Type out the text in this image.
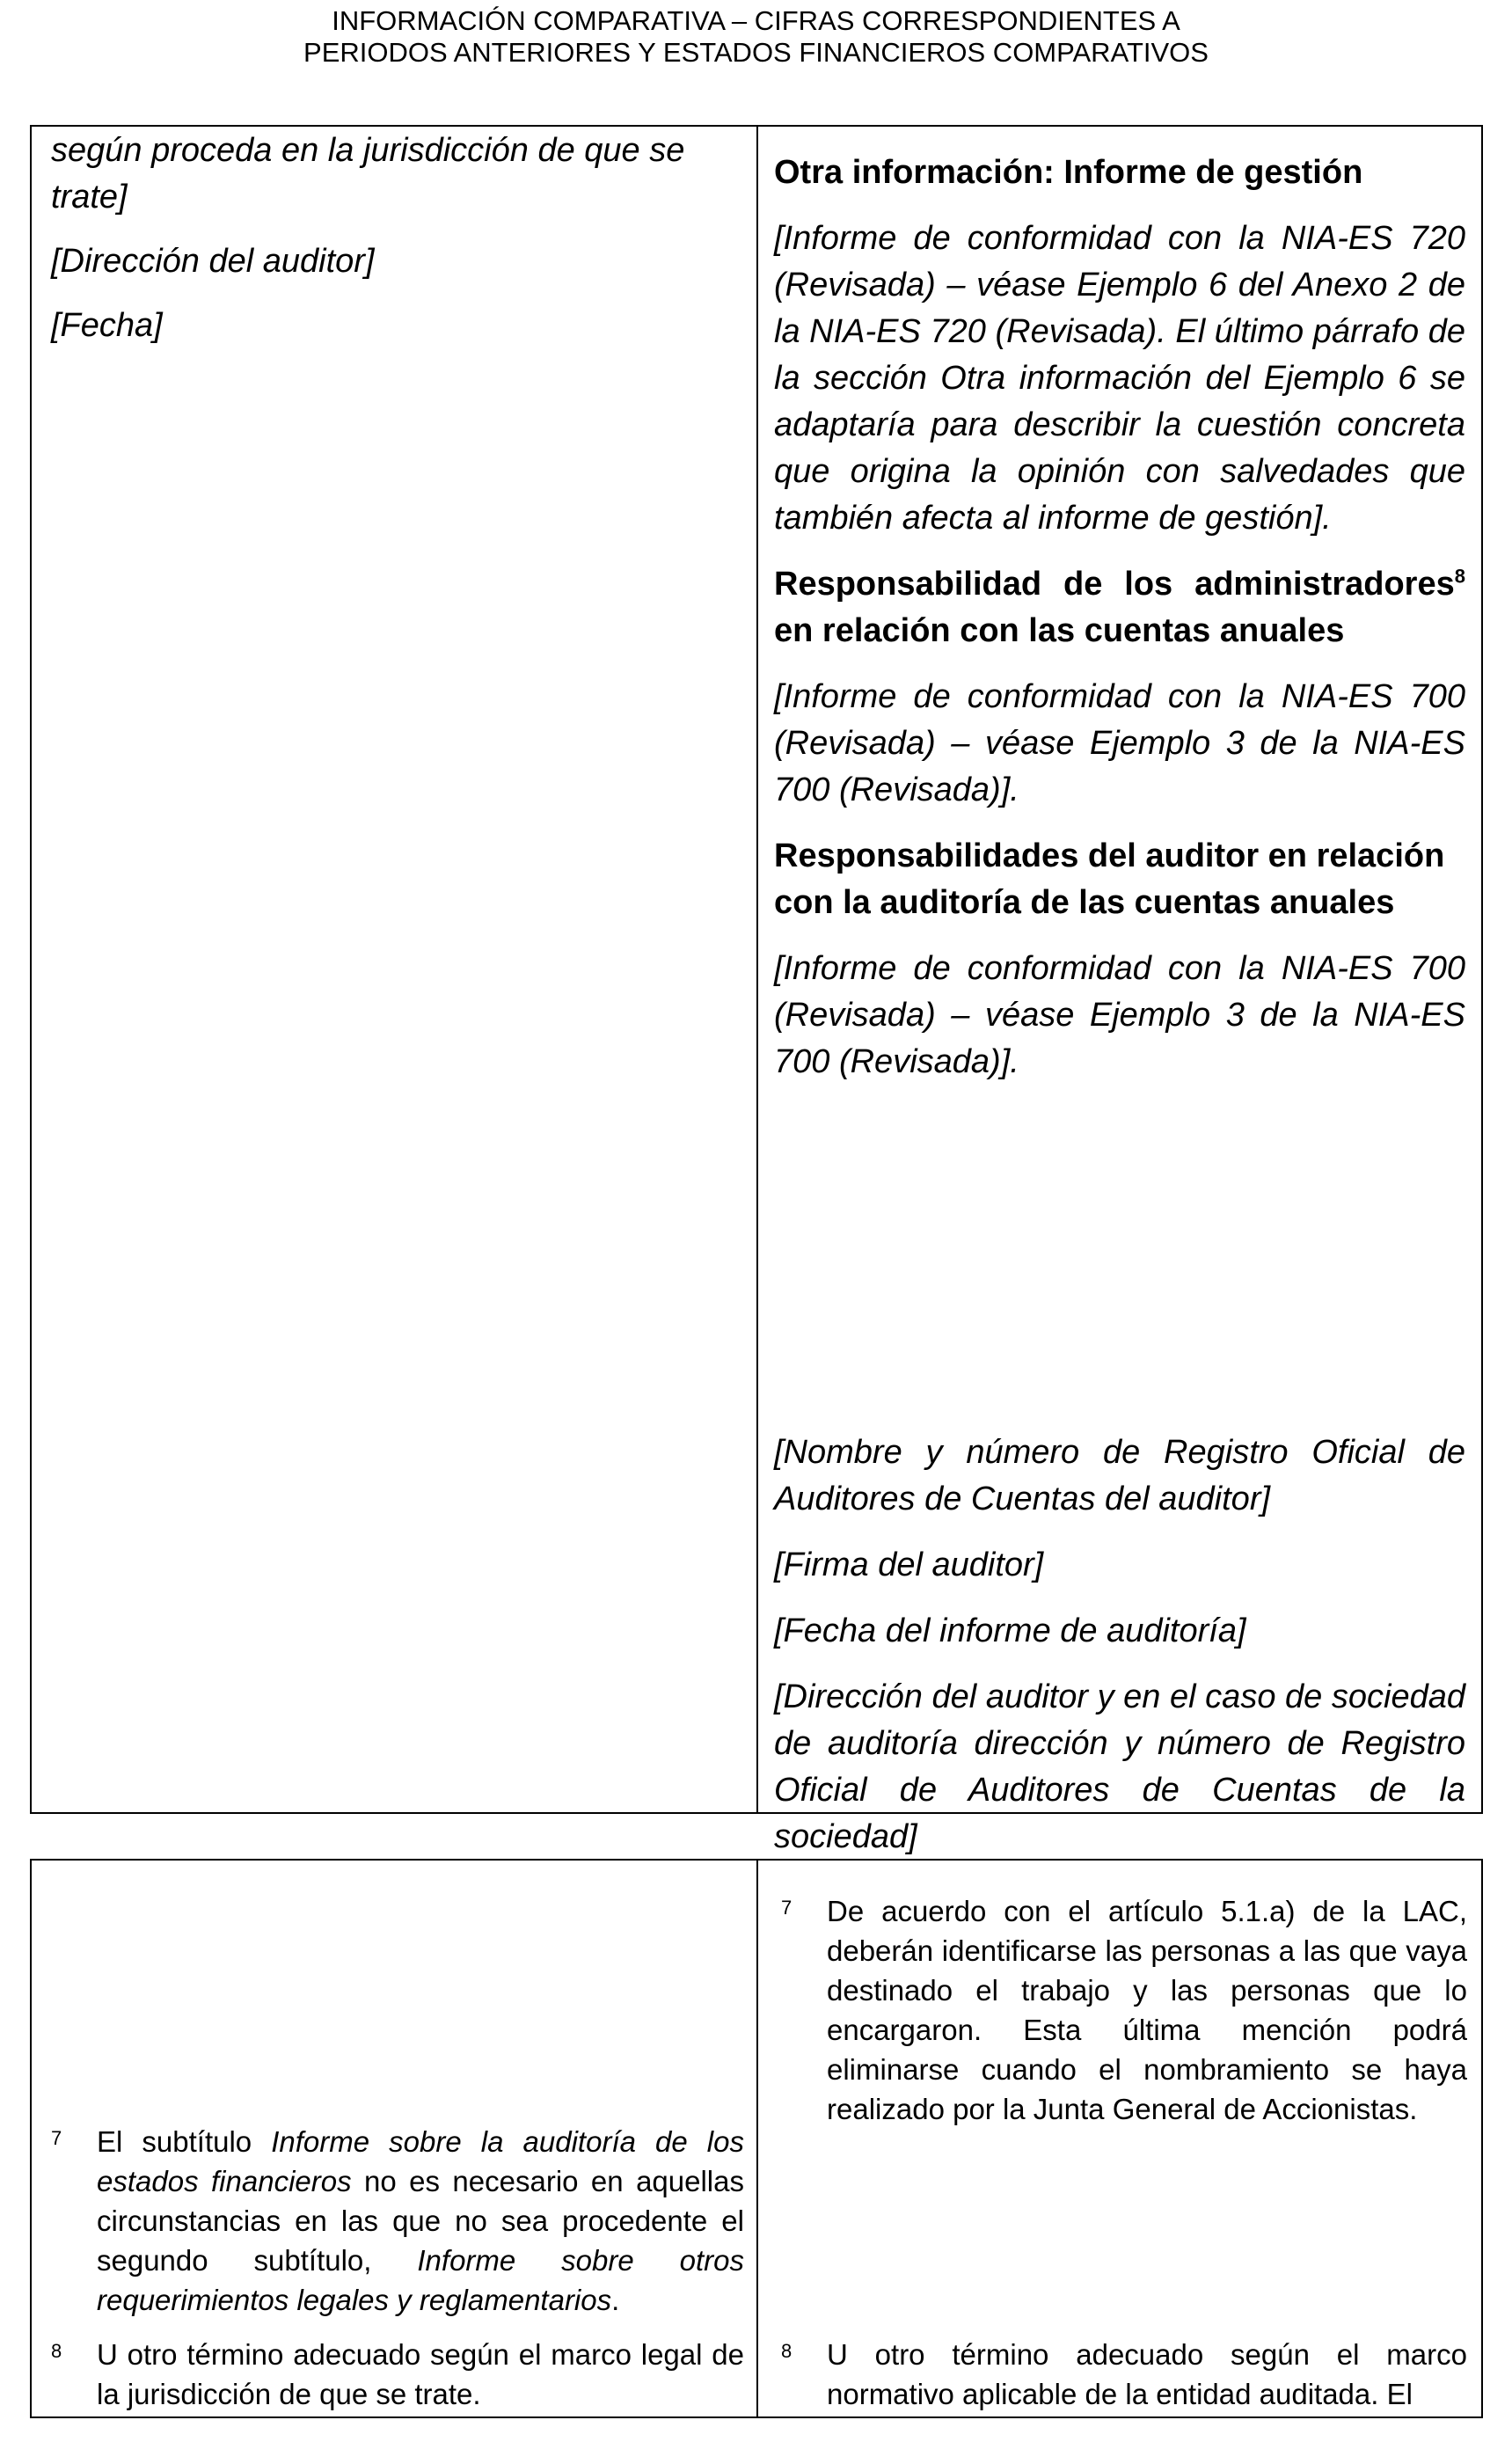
INFORMACIÓN COMPARATIVA – CIFRAS CORRESPONDIENTES A
PERIODOS ANTERIORES Y ESTADOS FINANCIEROS COMPARATIVOS

según proceda en la jurisdicción de que se trate]

[Dirección del auditor]

[Fecha]

Otra información: Informe de gestión

[Informe de conformidad con la NIA-ES 720 (Revisada) – véase Ejemplo 6 del Anexo 2 de la NIA-ES 720 (Revisada). El último párrafo de la sección Otra información del Ejemplo 6 se adaptaría para describir la cuestión concreta que origina la opinión con salvedades que también afecta al informe de gestión].

Responsabilidad de los administradores$^8$ en relación con las cuentas anuales

[Informe de conformidad con la NIA-ES 700 (Revisada) – véase Ejemplo 3 de la NIA-ES 700 (Revisada)].

Responsabilidades del auditor en relación con la auditoría de las cuentas anuales

[Informe de conformidad con la NIA-ES 700 (Revisada) – véase Ejemplo 3 de la NIA-ES 700 (Revisada)].

[Nombre y número de Registro Oficial de Auditores de Cuentas del auditor]

[Firma del auditor]

[Fecha del informe de auditoría]

[Dirección del auditor y en el caso de sociedad de auditoría dirección y número de Registro Oficial de Auditores de Cuentas de la sociedad]

7 El subtítulo Informe sobre la auditoría de los estados financieros no es necesario en aquellas circunstancias en las que no sea procedente el segundo subtítulo, Informe sobre otros requerimientos legales y reglamentarios.
8 U otro término adecuado según el marco legal de la jurisdicción de que se trate.
7 De acuerdo con el artículo 5.1.a) de la LAC, deberán identificarse las personas a las que vaya destinado el trabajo y las personas que lo encargaron. Esta última mención podrá eliminarse cuando el nombramiento se haya realizado por la Junta General de Accionistas.
8 U otro término adecuado según el marco normativo aplicable de la entidad auditada. El
